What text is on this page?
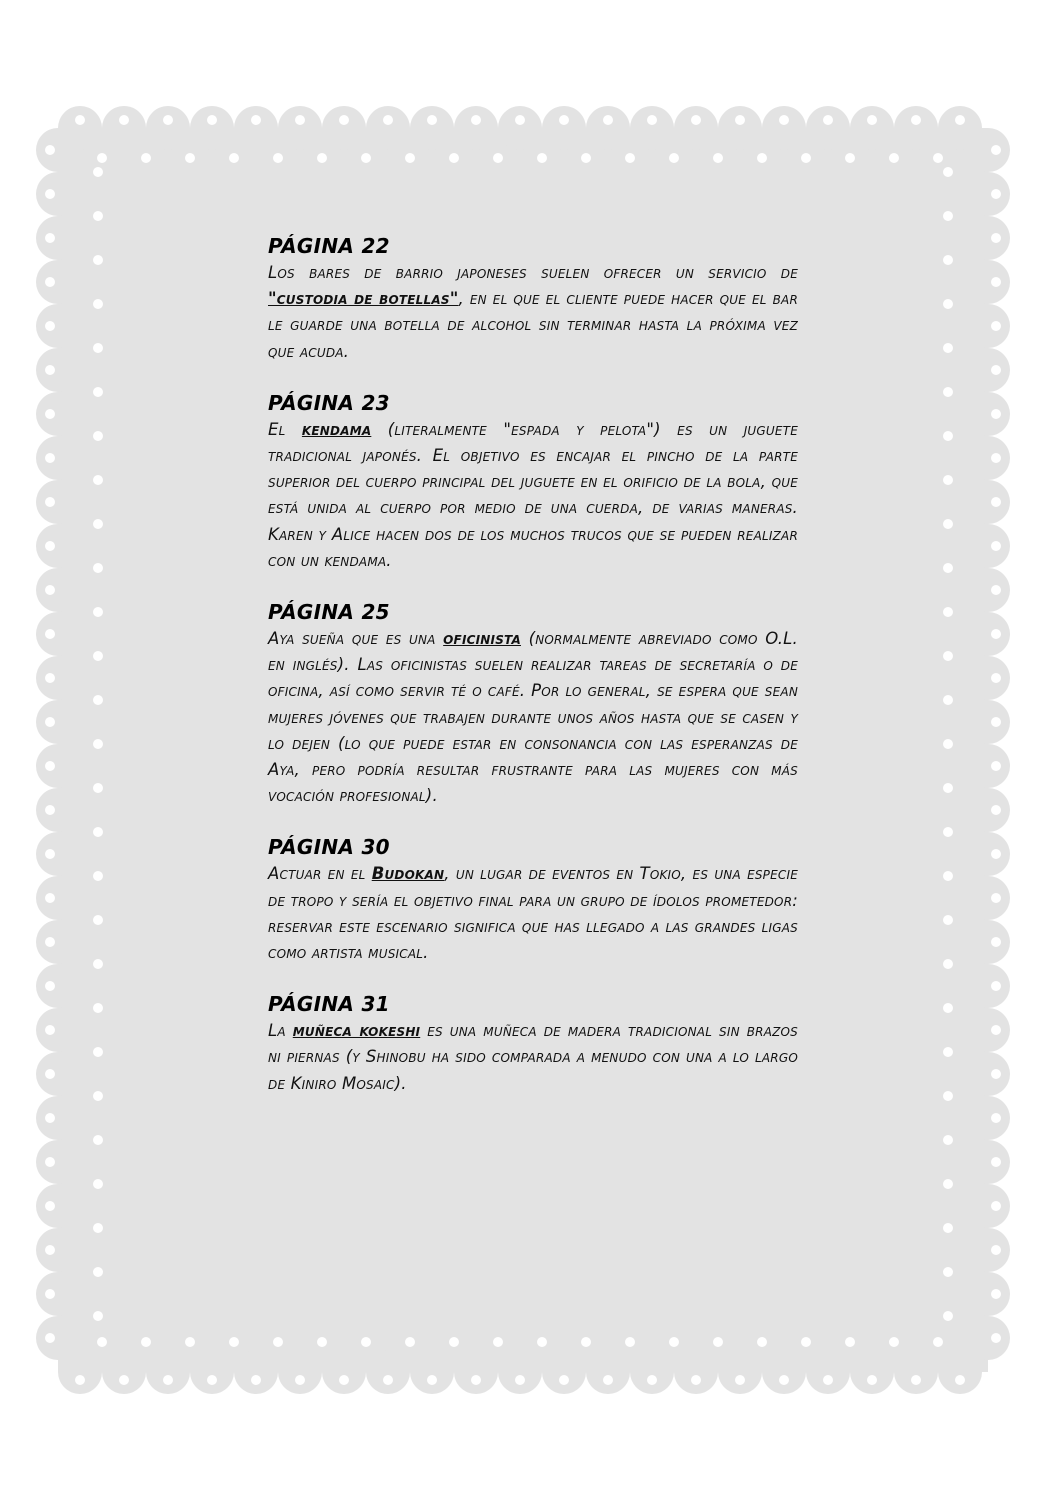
PÁGINA 22
Los bares de barrio japoneses suelen ofrecer un servicio de "custodia de botellas", en el que el cliente puede hacer que el bar le guarde una botella de alcohol sin terminar hasta la próxima vez que acuda.
PÁGINA 23
El kendama (literalmente "espada y pelota") es un juguete tradicional japonés. El objetivo es encajar el pincho de la parte superior del cuerpo principal del juguete en el orificio de la bola, que está unida al cuerpo por medio de una cuerda, de varias maneras. Karen y Alice hacen dos de los muchos trucos que se pueden realizar con un kendama.
PÁGINA 25
Aya sueña que es una oficinista (normalmente abreviado como O.L. en inglés). Las oficinistas suelen realizar tareas de secretaría o de oficina, así como servir té o café. Por lo general, se espera que sean mujeres jóvenes que trabajen durante unos años hasta que se casen y lo dejen (lo que puede estar en consonancia con las esperanzas de Aya, pero podría resultar frustrante para las mujeres con más vocación profesional).
PÁGINA 30
Actuar en el Budokan, un lugar de eventos en Tokio, es una especie de tropo y sería el objetivo final para un grupo de ídolos prometedor: reservar este escenario significa que has llegado a las grandes ligas como artista musical.
PÁGINA 31
La muñeca kokeshi es una muñeca de madera tradicional sin brazos ni piernas (y Shinobu ha sido comparada a menudo con una a lo largo de Kiniro Mosaic).
